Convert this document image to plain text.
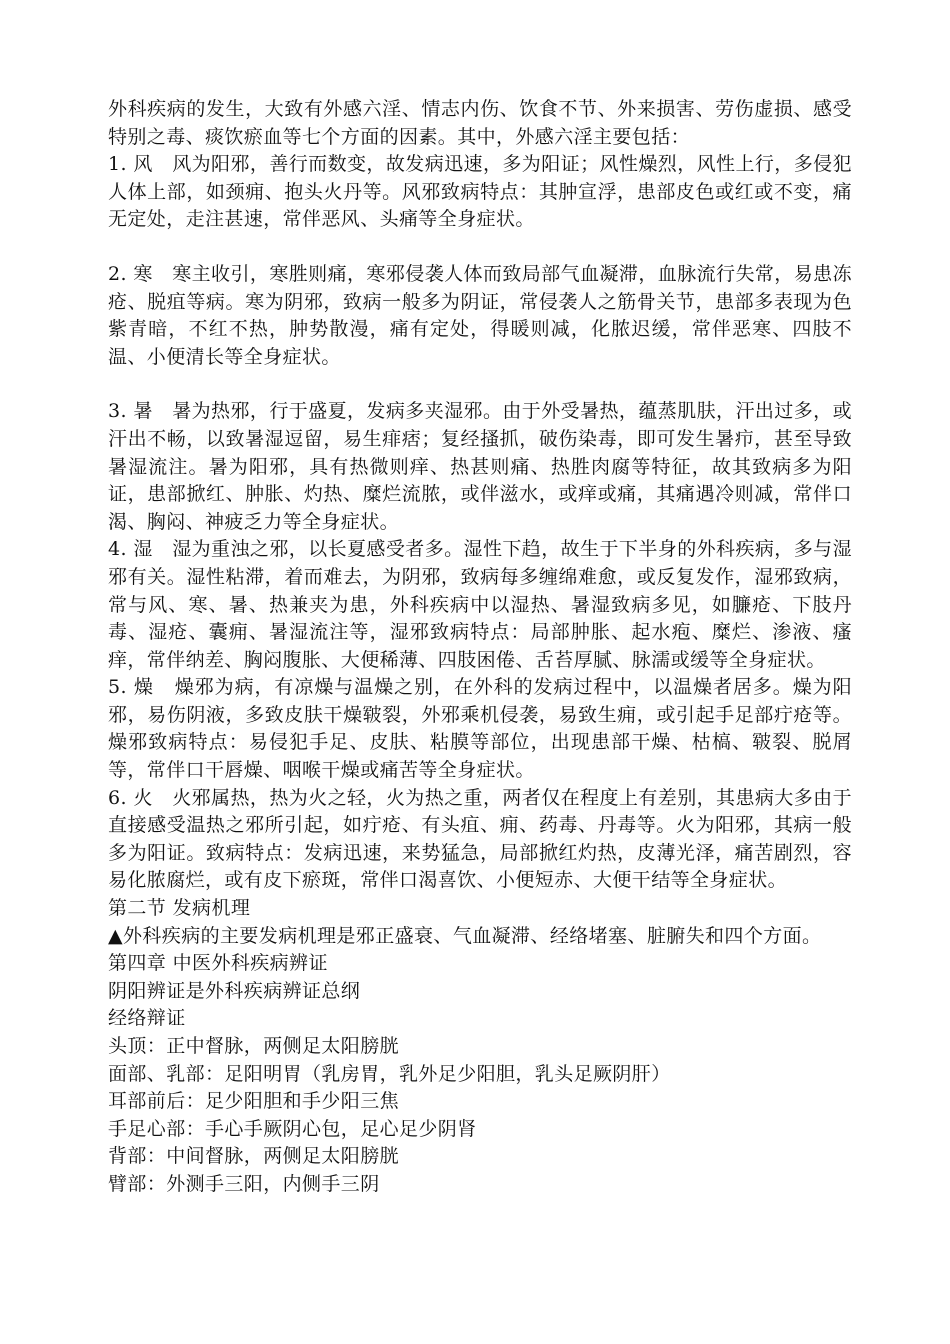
外科疾病的发生，大致有外感六淫、情志内伤、饮食不节、外来损害、劳伤虚损、感受特别之毒、痰饮瘀血等七个方面的因素。其中，外感六淫主要包括：

1. 风 风为阳邪，善行而数变，故发病迅速，多为阳证；风性燥烈，风性上行，多侵犯人体上部，如颈痈、抱头火丹等。风邪致病特点：其肿宣浮，患部皮色或红或不变，痛无定处，走注甚速，常伴恶风、头痛等全身症状。

2. 寒 寒主收引，寒胜则痛，寒邪侵袭人体而致局部气血凝滞，血脉流行失常，易患冻疮、脱疽等病。寒为阴邪，致病一般多为阴证，常侵袭人之筋骨关节，患部多表现为色紫青暗，不红不热，肿势散漫，痛有定处，得暖则减，化脓迟缓，常伴恶寒、四肢不温、小便清长等全身症状。

3. 暑 暑为热邪，行于盛夏，发病多夹湿邪。由于外受暑热，蕴蒸肌肤，汗出过多，或汗出不畅，以致暑湿逗留，易生痱痞；复经搔抓，破伤染毒，即可发生暑疖，甚至导致暑湿流注。暑为阳邪，具有热微则痒、热甚则痛、热胜肉腐等特征，故其致病多为阳证，患部掀红、肿胀、灼热、糜烂流脓，或伴滋水，或痒或痛，其痛遇冷则减，常伴口渴、胸闷、神疲乏力等全身症状。

4. 湿 湿为重浊之邪，以长夏感受者多。湿性下趋，故生于下半身的外科疾病，多与湿邪有关。湿性粘滞，着而难去，为阴邪，致病每多缠绵难愈，或反复发作，湿邪致病，常与风、寒、暑、热兼夹为患，外科疾病中以湿热、暑湿致病多见，如臁疮、下肢丹毒、湿疮、囊痈、暑湿流注等，湿邪致病特点：局部肿胀、起水疱、糜烂、渗液、瘙痒，常伴纳差、胸闷腹胀、大便稀薄、四肢困倦、舌苔厚腻、脉濡或缓等全身症状。

5. 燥 燥邪为病，有凉燥与温燥之别，在外科的发病过程中，以温燥者居多。燥为阳邪，易伤阴液，多致皮肤干燥皲裂，外邪乘机侵袭，易致生痈，或引起手足部疔疮等。燥邪致病特点：易侵犯手足、皮肤、粘膜等部位，出现患部干燥、枯槁、皲裂、脱屑等，常伴口干唇燥、咽喉干燥或痛苦等全身症状。

6. 火 火邪属热，热为火之轻，火为热之重，两者仅在程度上有差别，其患病大多由于直接感受温热之邪所引起，如疔疮、有头疽、痈、药毒、丹毒等。火为阳邪，其病一般多为阳证。致病特点：发病迅速，来势猛急，局部掀红灼热，皮薄光泽，痛苦剧烈，容易化脓腐烂，或有皮下瘀斑，常伴口渴喜饮、小便短赤、大便干结等全身症状。

第二节 发病机理

▲外科疾病的主要发病机理是邪正盛衰、气血凝滞、经络堵塞、脏腑失和四个方面。

第四章 中医外科疾病辨证

阴阳辨证是外科疾病辨证总纲

经络辩证

头顶：正中督脉，两侧足太阳膀胱

面部、乳部：足阳明胃（乳房胃，乳外足少阳胆，乳头足厥阴肝）

耳部前后：足少阳胆和手少阳三焦

手足心部：手心手厥阴心包，足心足少阴肾

背部：中间督脉，两侧足太阳膀胱

臂部：外测手三阳，内侧手三阴
